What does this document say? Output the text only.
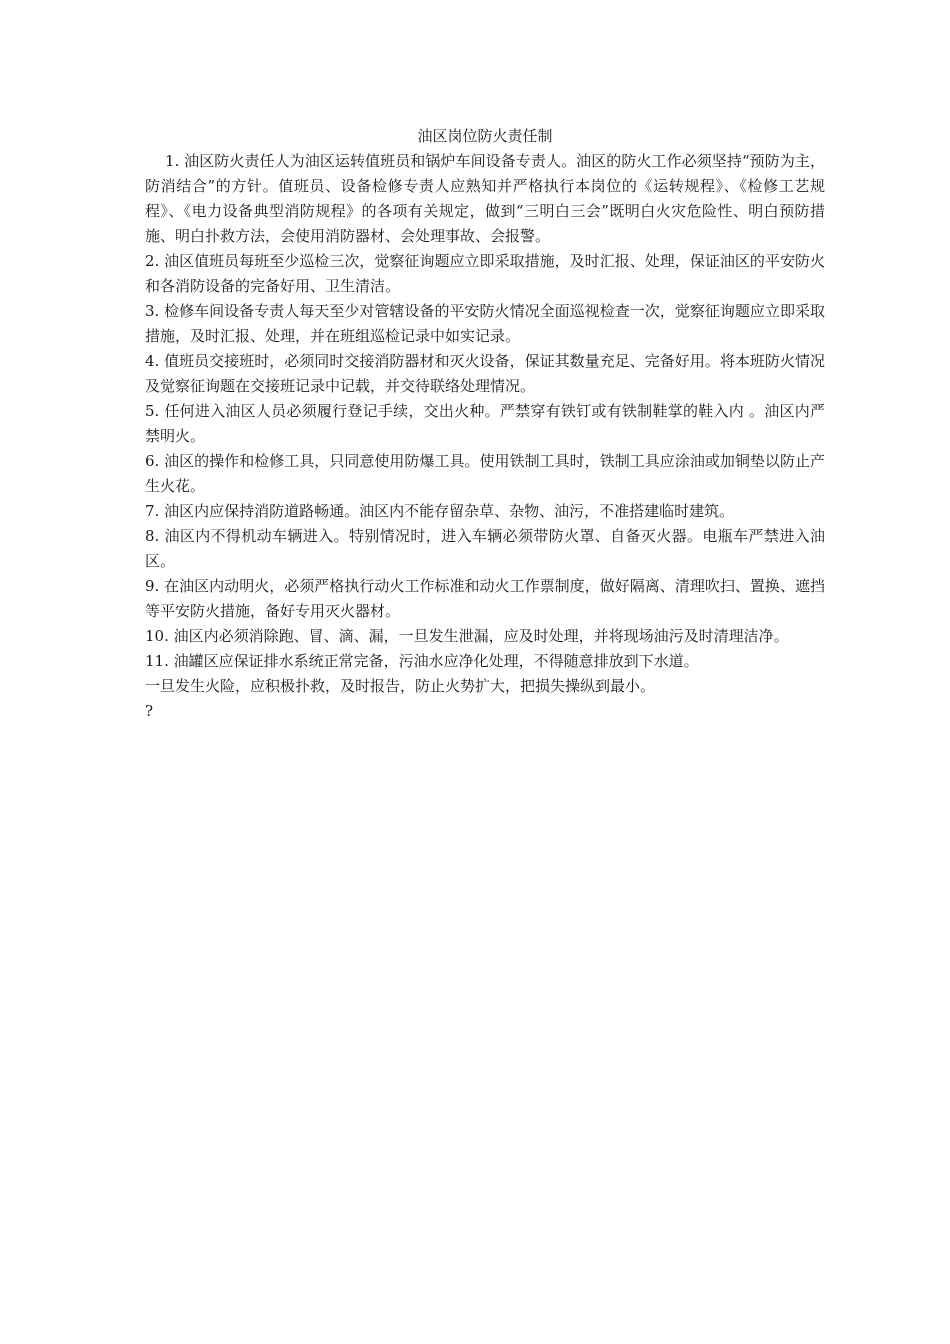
油区岗位防火责任制

1. 油区防火责任人为油区运转值班员和锅炉车间设备专责人。油区的防火工作必须坚持“预防为主，防消结合”的方针。值班员、设备检修专责人应熟知并严格执行本岗位的《运转规程》、《检修工艺规程》、《电力设备典型消防规程》的各项有关规定，做到“三明白三会”既明白火灾危险性、明白预防措施、明白扑救方法，会使用消防器材、会处理事故、会报警。

2. 油区值班员每班至少巡检三次，觉察征询题应立即采取措施，及时汇报、处理，保证油区的平安防火和各消防设备的完备好用、卫生清洁。

3. 检修车间设备专责人每天至少对管辖设备的平安防火情况全面巡视检查一次，觉察征询题应立即采取措施，及时汇报、处理，并在班组巡检记录中如实记录。

4. 值班员交接班时，必须同时交接消防器材和灭火设备，保证其数量充足、完备好用。将本班防火情况及觉察征询题在交接班记录中记载，并交待联络处理情况。

5. 任何进入油区人员必须履行登记手续，交出火种。严禁穿有铁钉或有铁制鞋掌的鞋入内 。油区内严禁明火。

6. 油区的操作和检修工具，只同意使用防爆工具。使用铁制工具时，铁制工具应涂油或加铜垫以防止产生火花。

7. 油区内应保持消防道路畅通。油区内不能存留杂草、杂物、油污，不准搭建临时建筑。

8. 油区内不得机动车辆进入。特别情况时，进入车辆必须带防火罩、自备灭火器。电瓶车严禁进入油区。

9. 在油区内动明火，必须严格执行动火工作标准和动火工作票制度，做好隔离、清理吹扫、置换、遮挡等平安防火措施，备好专用灭火器材。

10. 油区内必须消除跑、冒、滴、漏，一旦发生泄漏，应及时处理，并将现场油污及时清理洁净。

11. 油罐区应保证排水系统正常完备，污油水应净化处理，不得随意排放到下水道。

一旦发生火险，应积极扑救，及时报告，防止火势扩大，把损失操纵到最小。

?
